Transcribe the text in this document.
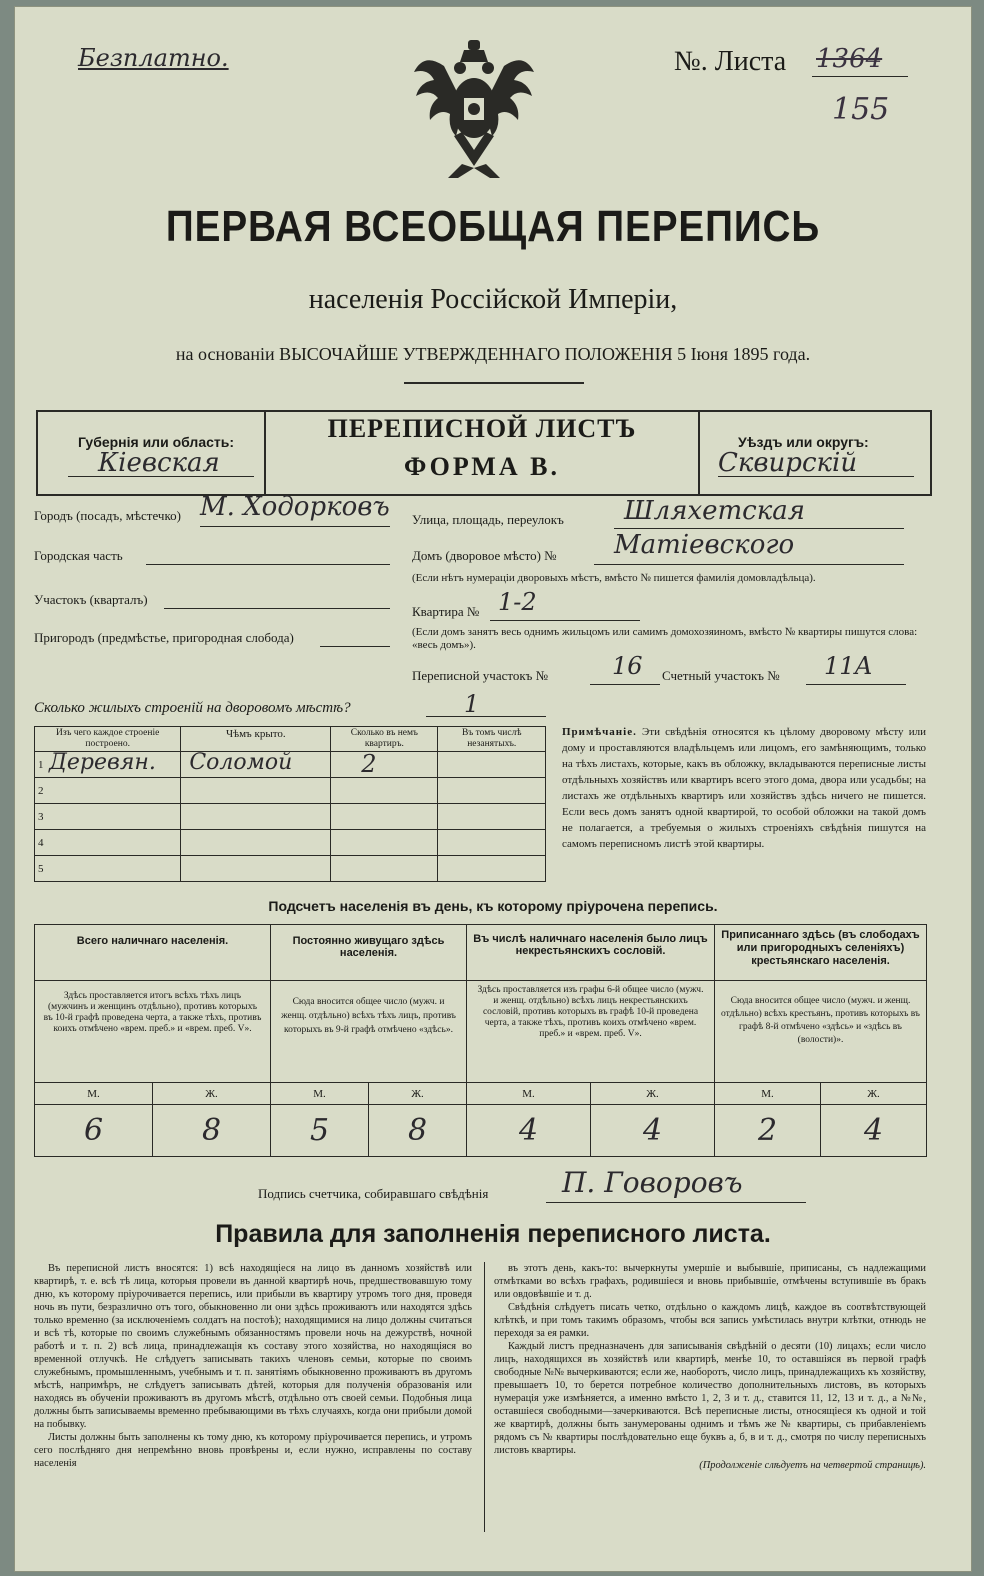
Безплатно.	№. Листа 1364
155
ПЕРВАЯ ВСЕОБЩАЯ ПЕРЕПИСЬ
населенія Россійской Имперіи,
на основаніи ВЫСОЧАЙШЕ УТВЕРЖДЕННАГО ПОЛОЖЕНІЯ 5 Іюня 1895 года.
Губернія или область:
Кіевская
ПЕРЕПИСНОЙ ЛИСТЪ
ФОРМА В.
Уѣздъ или округъ:
Сквирскій
Городъ (посадъ, мѣстечко) М. Ходорковъ
Городская часть
Участокъ (кварталъ)
Пригородъ (предмѣстье, пригородная слобода)
Улица, площадь, переулокъ Шляхетская
Домъ (дворовое мѣсто) № Матіевского
(Если нѣтъ нумераціи дворовыхъ мѣстъ, вмѣсто № пишется фамилія домовладѣльца).
Квартира № 1-2
(Если домъ занятъ весь однимъ жильцомъ или самимъ домохозяиномъ, вмѣсто № квартиры пишутся слова: «весь домъ»).
Переписной участокъ №	16 Счетный участокъ № 11А
Сколько жилыхъ строеній на дворовомъ мѣстѣ?	1
Изъ чего каждое строеніе построено.	Чѣмъ крыто.	Сколько въ немъ квартиръ.	Въ томъ числѣ незанятыхъ.

1 Деревян.	Соломой	2	

2			
3			
4			
5			
Примѣчаніе. Эти свѣдѣнія относятся къ цѣлому дворовому мѣсту или дому и проставляются владѣльцемъ или лицомъ, его замѣняющимъ, только на тѣхъ листахъ, которые, какъ въ обложку, вкладываются переписные листы отдѣльныхъ хозяйствъ или квартиръ всего этого дома, двора или усадьбы; на листахъ же отдѣльныхъ квартиръ или хозяйствъ здѣсь ничего не пишется. Если весь домъ занятъ одной квартирой, то особой обложки на такой домъ не полагается, а требуемыя о жилыхъ строеніяхъ свѣдѣнія пишутся на самомъ переписномъ листѣ этой квартиры.
Подсчетъ населенія въ день, къ которому пріурочена перепись.
Всего наличнаго населенія.		Постоянно живущаго здѣсь населенія.		Въ числѣ наличнаго населенія было лицъ некрестьянскихъ сословій.		Приписаннаго здѣсь (въ слободахъ или пригородныхъ селеніяхъ) крестьянскаго населенія.	
Здѣсь проставляется итогъ всѣхъ тѣхъ лицъ (мужчинъ и женщинъ отдѣльно), противъ которыхъ въ 10-й графѣ проведена черта, а также тѣхъ, противъ коихъ отмѣчено «врем. преб.» и «врем. преб. V».		Сюда вносится общее число (мужч. и женщ. отдѣльно) всѣхъ тѣхъ лицъ, противъ которыхъ въ 9-й графѣ отмѣчено «здѣсь».		Здѣсь проставляется изъ графы 6-й общее число (мужч. и женщ. отдѣльно) всѣхъ лицъ некрестьянскихъ сословій, противъ которыхъ въ графѣ 10-й проведена черта, а также тѣхъ, противъ коихъ отмѣчено «врем. преб.» и «врем. преб. V».		Сюда вносится общее число (мужч. и женщ. отдѣльно) всѣхъ крестьянъ, противъ которыхъ въ графѣ 8-й отмѣчено «здѣсь» и «здѣсь въ (волости)».	
М.	Ж.	М.	Ж.	М.	Ж.	М.	Ж.
6	8	5	8	4	4	2	4
Подпись счетчика, собиравшаго свѣдѣнія	П. Говоровъ
Правила для заполненія переписного листа.

Въ переписной листъ вносятся: 1) всѣ находящіеся на лицо въ данномъ хозяйствѣ или квартирѣ, т. е. всѣ тѣ лица, которыя провели въ данной квартирѣ ночь, предшествовавшую тому дню, къ которому пріурочивается перепись, или прибыли въ квартиру утромъ того дня, проведя ночь въ пути, безразлично отъ того, обыкновенно ли они здѣсь проживаютъ или находятся здѣсь только временно (за исключеніемъ солдатъ на постоѣ); находящимися на лицо должны считаться и всѣ тѣ, которые по своимъ служебнымъ обязанностямъ провели ночь на дежурствѣ, ночной работѣ и т. п. 2) всѣ лица, принадлежащія къ составу этого хозяйства, но находящіяся во временной отлучкѣ. Не слѣдуетъ записывать такихъ членовъ семьи, которые по своимъ служебнымъ, промышленнымъ, учебнымъ и т. п. занятіямъ обыкновенно проживаютъ въ другомъ мѣстѣ, напримѣръ, не слѣдуетъ записывать дѣтей, которыя для полученія образованія или находясь въ обученіи проживаютъ въ другомъ мѣстѣ, отдѣльно отъ своей семьи. Подобныя лица должны быть записываемы временно пребывающими въ тѣхъ случаяхъ, когда они прибыли домой на побывку.

Листы должны быть заполнены къ тому дню, къ которому пріурочивается перепись, и утромъ сего послѣдняго дня непремѣнно вновь провѣрены и, если нужно, исправлены по составу населенія

въ этотъ день, какъ-то: вычеркнуты умершіе и выбывшіе, приписаны, съ надлежащими отмѣтками во всѣхъ графахъ, родившіеся и вновь прибывшіе, отмѣчены вступившіе въ бракъ или овдовѣвшіе и т. д.

Свѣдѣнія слѣдуетъ писать четко, отдѣльно о каждомъ лицѣ, каждое въ соотвѣтствующей клѣткѣ, и при томъ такимъ образомъ, чтобы вся запись умѣстилась внутри клѣтки, отнюдь не переходя за ея рамки.

Каждый листъ предназначенъ для записыванія свѣдѣній о десяти (10) лицахъ; если число лицъ, находящихся въ хозяйствѣ или квартирѣ, менѣе 10, то оставшіяся въ первой графѣ свободные №№ вычеркиваются; если же, наоборотъ, число лицъ, принадлежащихъ къ хозяйству, превышаетъ 10, то берется потребное количество дополнительныхъ листовъ, въ которыхъ нумерація уже измѣняется, а именно вмѣсто 1, 2, 3 и т. д., ставится 11, 12, 13 и т. д., а №№, оставшіеся свободными—зачеркиваются. Всѣ переписные листы, относящіеся къ одной и той же квартирѣ, должны быть занумерованы однимъ и тѣмъ же № квартиры, съ прибавленіемъ рядомъ съ № квартиры послѣдовательно еще буквъ а, б, в и т. д., смотря по числу переписныхъ листовъ квартиры.

(Продолженіе слѣдуетъ на четвертой страницѣ).
